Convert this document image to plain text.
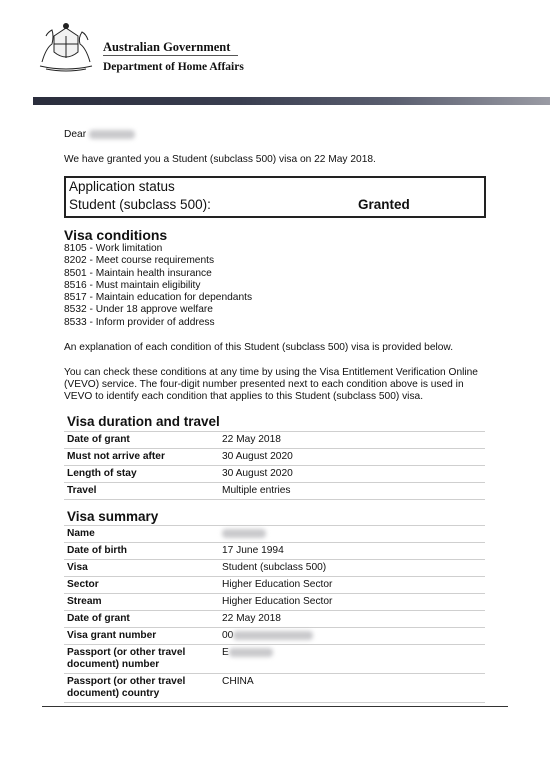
Australian Government
Department of Home Affairs
Dear
We have granted you a Student (subclass 500) visa on 22 May 2018.
Application status
Student (subclass 500):	Granted
Visa conditions
8105 - Work limitation
8202 - Meet course requirements
8501 - Maintain health insurance
8516 - Must maintain eligibility
8517 - Maintain education for dependants
8532 - Under 18 approve welfare
8533 - Inform provider of address
An explanation of each condition of this Student (subclass 500) visa is provided below.
You can check these conditions at any time by using the Visa Entitlement Verification Online
(VEVO) service. The four-digit number presented next to each condition above is used in
VEVO to identify each condition that applies to this Student (subclass 500) visa.
Visa duration and travel
Date of grant	22 May 2018
Must not arrive after	30 August 2020
Length of stay	30 August 2020
Travel	Multiple entries
Visa summary
Name	
Date of birth	17 June 1994
Visa	Student (subclass 500)
Sector	Higher Education Sector
Stream	Higher Education Sector
Date of grant	22 May 2018
Visa grant number	00
Passport (or other travel document) number	E
Passport (or other travel document) country	CHINA
